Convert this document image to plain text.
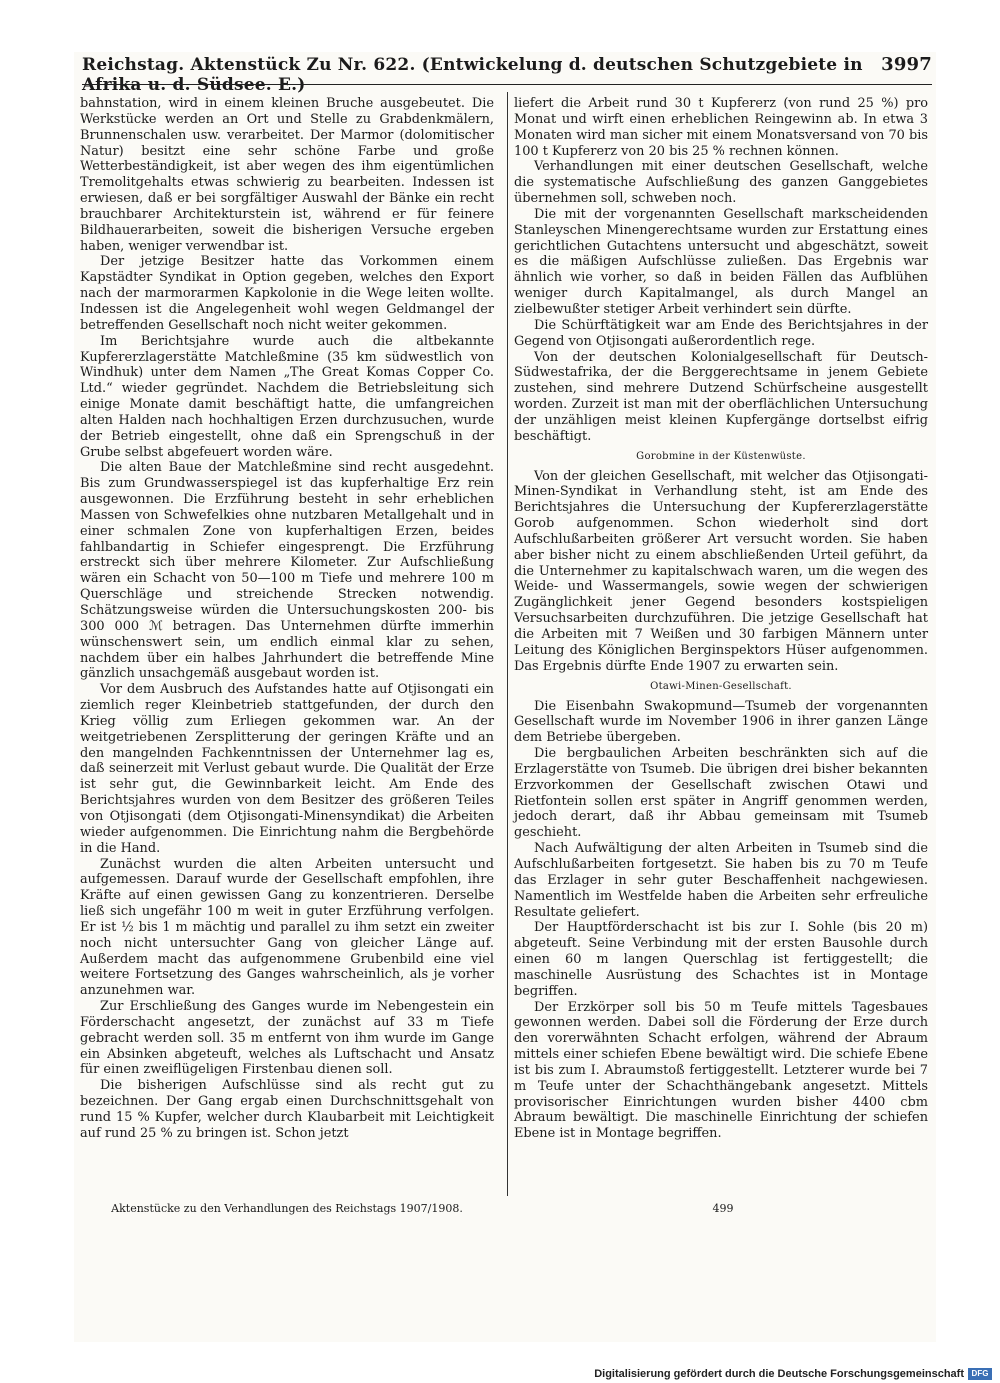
Reichstag. Aktenstück Zu Nr. 622. (Entwickelung d. deutschen Schutzgebiete in Afrika u. d. Südsee. E.)
3997

bahnstation, wird in einem kleinen Bruche ausgebeutet. Die Werkstücke werden an Ort und Stelle zu Grabdenkmälern, Brunnenschalen usw. verarbeitet. Der Marmor (dolomitischer Natur) besitzt eine sehr schöne Farbe und große Wetterbeständigkeit, ist aber wegen des ihm eigentümlichen Tremolitgehalts etwas schwierig zu bearbeiten. Indessen ist erwiesen, daß er bei sorgfältiger Auswahl der Bänke ein recht brauchbarer Architekturstein ist, während er für feinere Bildhauerarbeiten, soweit die bisherigen Versuche ergeben haben, weniger verwendbar ist.

Der jetzige Besitzer hatte das Vorkommen einem Kapstädter Syndikat in Option gegeben, welches den Export nach der marmorarmen Kapkolonie in die Wege leiten wollte. Indessen ist die Angelegenheit wohl wegen Geldmangel der betreffenden Gesellschaft noch nicht weiter gekommen.

Im Berichtsjahre wurde auch die altbekannte Kupfererzlagerstätte Matchleßmine (35 km südwestlich von Windhuk) unter dem Namen „The Great Komas Copper Co. Ltd.“ wieder gegründet. Nachdem die Betriebsleitung sich einige Monate damit beschäftigt hatte, die umfangreichen alten Halden nach hochhaltigen Erzen durchzusuchen, wurde der Betrieb eingestellt, ohne daß ein Sprengschuß in der Grube selbst abgefeuert worden wäre.

Die alten Baue der Matchleßmine sind recht ausgedehnt. Bis zum Grundwasserspiegel ist das kupferhaltige Erz rein ausgewonnen. Die Erzführung besteht in sehr erheblichen Massen von Schwefelkies ohne nutzbaren Metallgehalt und in einer schmalen Zone von kupferhaltigen Erzen, beides fahlbandartig in Schiefer eingesprengt. Die Erzführung erstreckt sich über mehrere Kilometer. Zur Aufschließung wären ein Schacht von 50—100 m Tiefe und mehrere 100 m Querschläge und streichende Strecken notwendig. Schätzungsweise würden die Untersuchungskosten 200- bis 300 000 ℳ betragen. Das Unternehmen dürfte immerhin wünschenswert sein, um endlich einmal klar zu sehen, nachdem über ein halbes Jahrhundert die betreffende Mine gänzlich unsachgemäß ausgebaut worden ist.

Vor dem Ausbruch des Aufstandes hatte auf Otjisongati ein ziemlich reger Kleinbetrieb stattgefunden, der durch den Krieg völlig zum Erliegen gekommen war. An der weitgetriebenen Zersplitterung der geringen Kräfte und an den mangelnden Fachkenntnissen der Unternehmer lag es, daß seinerzeit mit Verlust gebaut wurde. Die Qualität der Erze ist sehr gut, die Gewinnbarkeit leicht. Am Ende des Berichtsjahres wurden von dem Besitzer des größeren Teiles von Otjisongati (dem Otjisongati-Minensyndikat) die Arbeiten wieder aufgenommen. Die Einrichtung nahm die Bergbehörde in die Hand.

Zunächst wurden die alten Arbeiten untersucht und aufgemessen. Darauf wurde der Gesellschaft empfohlen, ihre Kräfte auf einen gewissen Gang zu konzentrieren. Derselbe ließ sich ungefähr 100 m weit in guter Erzführung verfolgen. Er ist ½ bis 1 m mächtig und parallel zu ihm setzt ein zweiter noch nicht untersuchter Gang von gleicher Länge auf. Außerdem macht das aufgenommene Grubenbild eine viel weitere Fortsetzung des Ganges wahrscheinlich, als je vorher anzunehmen war.

Zur Erschließung des Ganges wurde im Nebengestein ein Förderschacht angesetzt, der zunächst auf 33 m Tiefe gebracht werden soll. 35 m entfernt von ihm wurde im Gange ein Absinken abgeteuft, welches als Luftschacht und Ansatz für einen zweiflügeligen Firstenbau dienen soll.

Die bisherigen Aufschlüsse sind als recht gut zu bezeichnen. Der Gang ergab einen Durchschnittsgehalt von rund 15 % Kupfer, welcher durch Klaubarbeit mit Leichtigkeit auf rund 25 % zu bringen ist. Schon jetzt

liefert die Arbeit rund 30 t Kupfererz (von rund 25 %) pro Monat und wirft einen erheblichen Reingewinn ab. In etwa 3 Monaten wird man sicher mit einem Monatsversand von 70 bis 100 t Kupfererz von 20 bis 25 % rechnen können.

Verhandlungen mit einer deutschen Gesellschaft, welche die systematische Aufschließung des ganzen Ganggebietes übernehmen soll, schweben noch.

Die mit der vorgenannten Gesellschaft markscheidenden Stanleyschen Minengerechtsame wurden zur Erstattung eines gerichtlichen Gutachtens untersucht und abgeschätzt, soweit es die mäßigen Aufschlüsse zuließen. Das Ergebnis war ähnlich wie vorher, so daß in beiden Fällen das Aufblühen weniger durch Kapitalmangel, als durch Mangel an zielbewußter stetiger Arbeit verhindert sein dürfte.

Die Schürftätigkeit war am Ende des Berichtsjahres in der Gegend von Otjisongati außerordentlich rege.

Von der deutschen Kolonialgesellschaft für Deutsch-Südwestafrika, der die Berggerechtsame in jenem Gebiete zustehen, sind mehrere Dutzend Schürfscheine ausgestellt worden. Zurzeit ist man mit der oberflächlichen Untersuchung der unzähligen meist kleinen Kupfergänge dortselbst eifrig beschäftigt.

Gorobmine in der Küstenwüste.

Von der gleichen Gesellschaft, mit welcher das Otjisongati-Minen-Syndikat in Verhandlung steht, ist am Ende des Berichtsjahres die Untersuchung der Kupfererzlagerstätte Gorob aufgenommen. Schon wiederholt sind dort Aufschlußarbeiten größerer Art versucht worden. Sie haben aber bisher nicht zu einem abschließenden Urteil geführt, da die Unternehmer zu kapitalschwach waren, um die wegen des Weide- und Wassermangels, sowie wegen der schwierigen Zugänglichkeit jener Gegend besonders kostspieligen Versuchsarbeiten durchzuführen. Die jetzige Gesellschaft hat die Arbeiten mit 7 Weißen und 30 farbigen Männern unter Leitung des Königlichen Berginspektors Hüser aufgenommen. Das Ergebnis dürfte Ende 1907 zu erwarten sein.

Otawi-Minen-Gesellschaft.

Die Eisenbahn Swakopmund—Tsumeb der vorgenannten Gesellschaft wurde im November 1906 in ihrer ganzen Länge dem Betriebe übergeben.

Die bergbaulichen Arbeiten beschränkten sich auf die Erzlagerstätte von Tsumeb. Die übrigen drei bisher bekannten Erzvorkommen der Gesellschaft zwischen Otawi und Rietfontein sollen erst später in Angriff genommen werden, jedoch derart, daß ihr Abbau gemeinsam mit Tsumeb geschieht.

Nach Aufwältigung der alten Arbeiten in Tsumeb sind die Aufschlußarbeiten fortgesetzt. Sie haben bis zu 70 m Teufe das Erzlager in sehr guter Beschaffenheit nachgewiesen. Namentlich im Westfelde haben die Arbeiten sehr erfreuliche Resultate geliefert.

Der Hauptförderschacht ist bis zur I. Sohle (bis 20 m) abgeteuft. Seine Verbindung mit der ersten Bausohle durch einen 60 m langen Querschlag ist fertiggestellt; die maschinelle Ausrüstung des Schachtes ist in Montage begriffen.

Der Erzkörper soll bis 50 m Teufe mittels Tagesbaues gewonnen werden. Dabei soll die Förderung der Erze durch den vorerwähnten Schacht erfolgen, während der Abraum mittels einer schiefen Ebene bewältigt wird. Die schiefe Ebene ist bis zum I. Abraumstoß fertiggestellt. Letzterer wurde bei 7 m Teufe unter der Schachthängebank angesetzt. Mittels provisorischer Einrichtungen wurden bisher 4400 cbm Abraum bewältigt. Die maschinelle Einrichtung der schiefen Ebene ist in Montage begriffen.

Aktenstücke zu den Verhandlungen des Reichstags 1907/1908.	499
Digitalisierung gefördert durch die Deutsche Forschungsgemeinschaft DFG
